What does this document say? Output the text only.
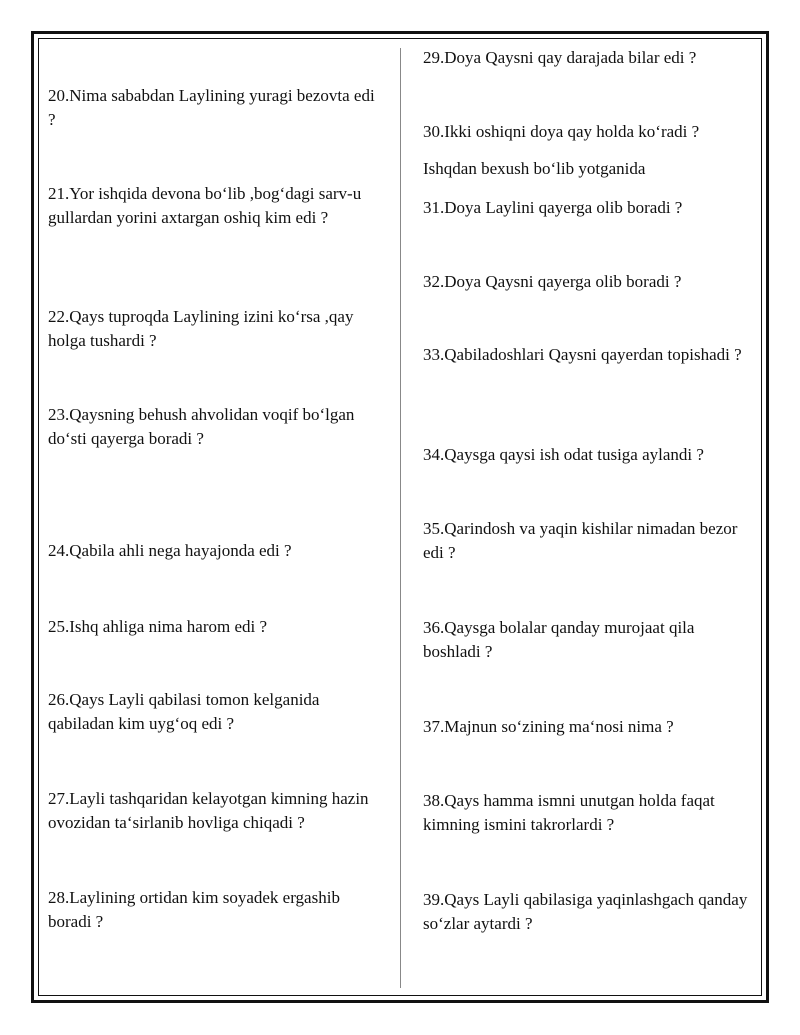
20.Nima sababdan Laylining yuragi bezovta edi ?

21.Yor ishqida devona bo‘lib ,bog‘dagi sarv-u gullardan yorini axtargan oshiq kim edi ?

22.Qays tuproqda Laylining izini ko‘rsa ,qay holga tushardi ?

23.Qaysning behush ahvolidan voqif bo‘lgan do‘sti qayerga boradi ?

24.Qabila ahli nega hayajonda edi ?

25.Ishq ahliga nima harom edi ?

26.Qays Layli qabilasi tomon kelganida qabiladan kim uyg‘oq edi ?

27.Layli tashqaridan kelayotgan kimning hazin ovozidan ta‘sirlanib hovliga chiqadi ?

28.Laylining ortidan kim soyadek ergashib boradi ?

29.Doya Qaysni qay darajada bilar edi ?

30.Ikki oshiqni doya qay holda ko‘radi ?

Ishqdan bexush bo‘lib yotganida

31.Doya Laylini qayerga olib boradi ?

32.Doya Qaysni qayerga olib boradi ?

33.Qabiladoshlari Qaysni qayerdan topishadi ?

34.Qaysga qaysi ish odat tusiga aylandi ?

35.Qarindosh va yaqin kishilar nimadan bezor edi ?

36.Qaysga bolalar qanday murojaat qila boshladi ?

37.Majnun so‘zining ma‘nosi nima ?

38.Qays hamma ismni unutgan holda faqat kimning ismini takrorlardi ?

39.Qays Layli qabilasiga yaqinlashgach qanday so‘zlar aytardi ?
